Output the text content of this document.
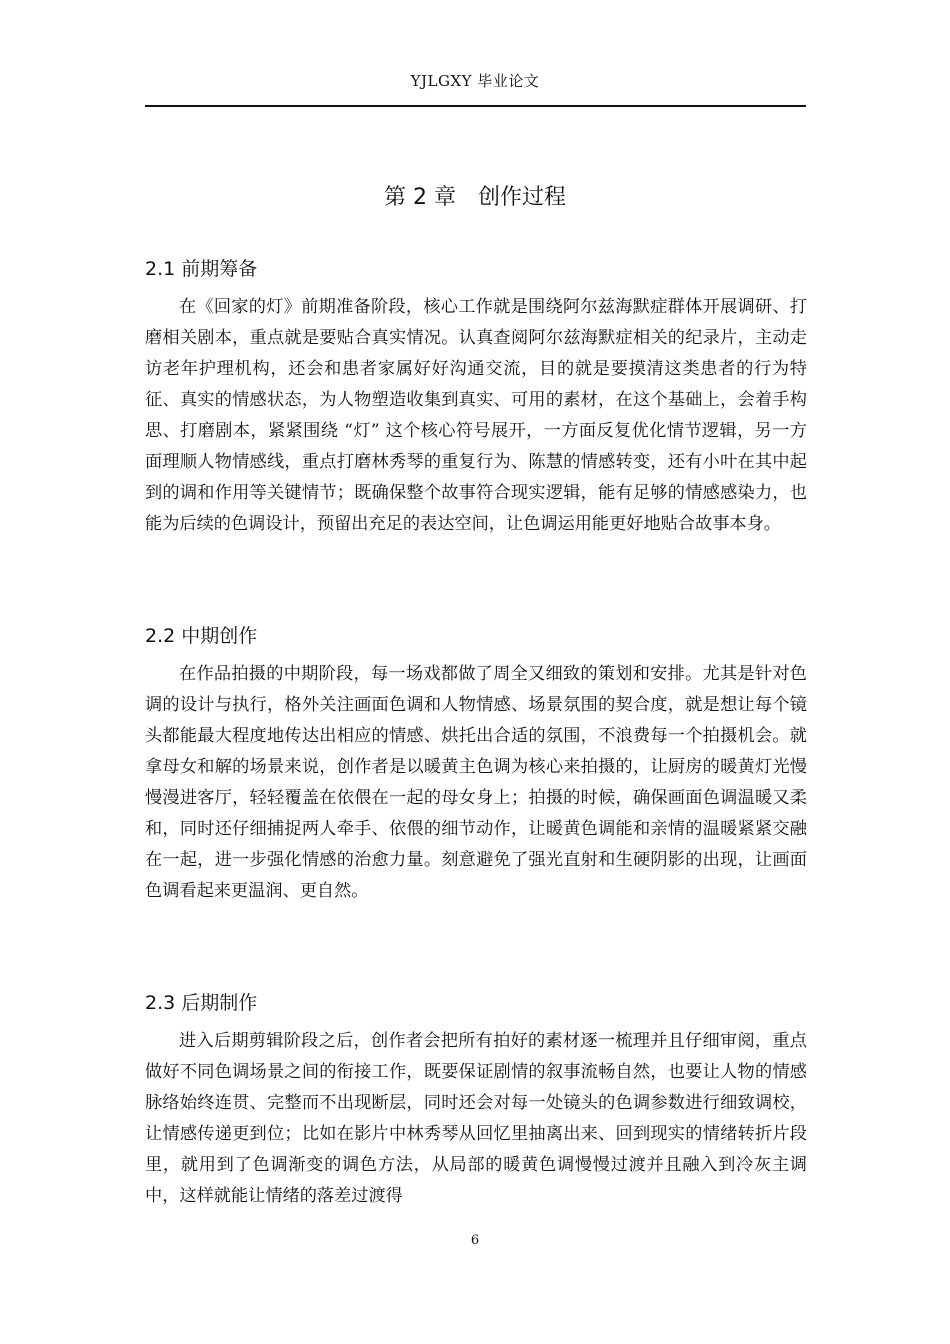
YJLGXY 毕业论文
第 2 章　创作过程
2.1 前期筹备

在《回家的灯》前期准备阶段，核心工作就是围绕阿尔兹海默症群体开展调研、打磨相关剧本，重点就是要贴合真实情况。认真查阅阿尔兹海默症相关的纪录片，主动走访老年护理机构，还会和患者家属好好沟通交流，目的就是要摸清这类患者的行为特征、真实的情感状态，为人物塑造收集到真实、可用的素材，在这个基础上，会着手构思、打磨剧本，紧紧围绕 “灯” 这个核心符号展开，一方面反复优化情节逻辑，另一方面理顺人物情感线，重点打磨林秀琴的重复行为、陈慧的情感转变，还有小叶在其中起到的调和作用等关键情节；既确保整个故事符合现实逻辑，能有足够的情感感染力，也能为后续的色调设计，预留出充足的表达空间，让色调运用能更好地贴合故事本身。

2.2 中期创作

在作品拍摄的中期阶段，每一场戏都做了周全又细致的策划和安排。尤其是针对色调的设计与执行，格外关注画面色调和人物情感、场景氛围的契合度，就是想让每个镜头都能最大程度地传达出相应的情感、烘托出合适的氛围，不浪费每一个拍摄机会。就拿母女和解的场景来说，创作者是以暖黄主色调为核心来拍摄的，让厨房的暖黄灯光慢慢漫进客厅，轻轻覆盖在依偎在一起的母女身上；拍摄的时候，确保画面色调温暖又柔和，同时还仔细捕捉两人牵手、依偎的细节动作，让暖黄色调能和亲情的温暖紧紧交融在一起，进一步强化情感的治愈力量。刻意避免了强光直射和生硬阴影的出现，让画面色调看起来更温润、更自然。

2.3 后期制作

进入后期剪辑阶段之后，创作者会把所有拍好的素材逐一梳理并且仔细审阅，重点做好不同色调场景之间的衔接工作，既要保证剧情的叙事流畅自然，也要让人物的情感脉络始终连贯、完整而不出现断层，同时还会对每一处镜头的色调参数进行细致调校，让情感传递更到位；比如在影片中林秀琴从回忆里抽离出来、回到现实的情绪转折片段里，就用到了色调渐变的调色方法，从局部的暖黄色调慢慢过渡并且融入到冷灰主调中，这样就能让情绪的落差过渡得

6
